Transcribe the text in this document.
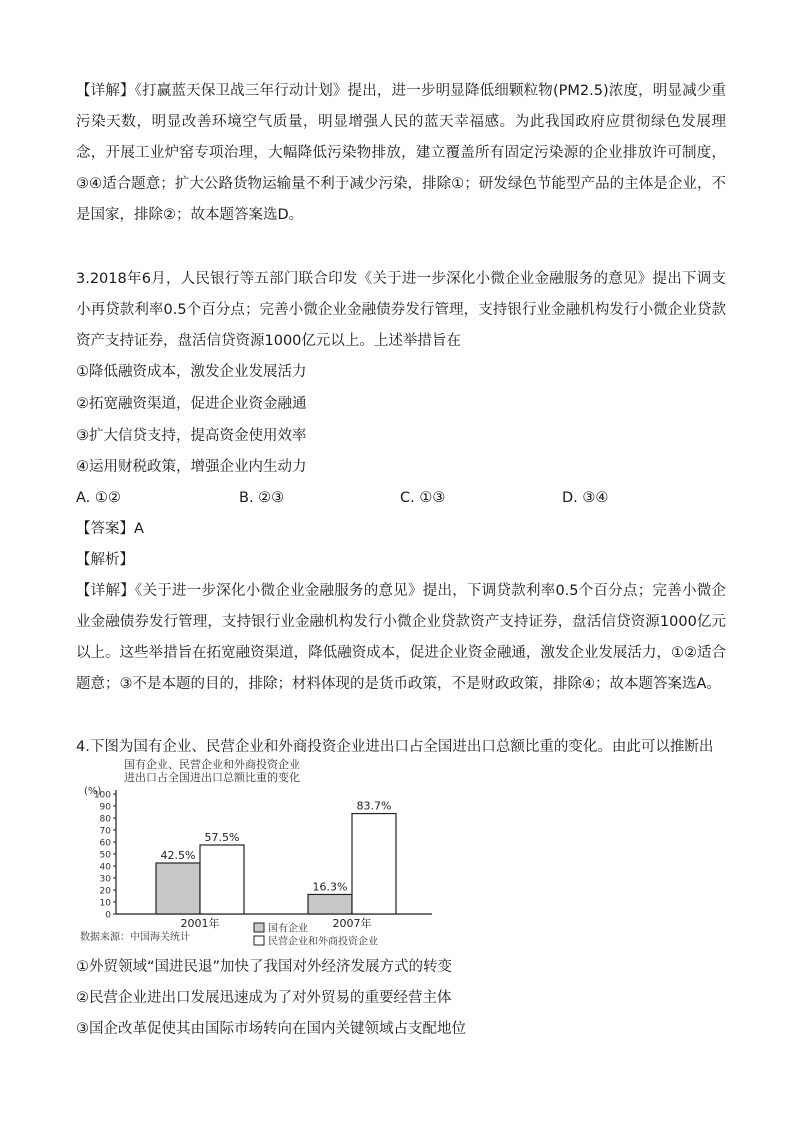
【详解】《打赢蓝天保卫战三年行动计划》提出，进一步明显降低细颗粒物(PM2.5)浓度，明显减少重污染天数，明显改善环境空气质量，明显增强人民的蓝天幸福感。为此我国政府应贯彻绿色发展理念，开展工业炉窑专项治理，大幅降低污染物排放，建立覆盖所有固定污染源的企业排放许可制度，③④适合题意；扩大公路货物运输量不利于减少污染，排除①；研发绿色节能型产品的主体是企业，不是国家，排除②；故本题答案选D。

3.2018年6月，人民银行等五部门联合印发《关于进一步深化小微企业金融服务的意见》提出下调支小再贷款利率0.5个百分点；完善小微企业金融债券发行管理，支持银行业金融机构发行小微企业贷款资产支持证券，盘活信贷资源1000亿元以上。上述举措旨在

①降低融资成本，激发企业发展活力

②拓宽融资渠道，促进企业资金融通

③扩大信贷支持，提高资金使用效率

④运用财税政策，增强企业内生动力

A. ①②	B. ②③	C. ①③	D. ③④

【答案】A

【解析】

【详解】《关于进一步深化小微企业金融服务的意见》提出，下调贷款利率0.5个百分点；完善小微企业金融债券发行管理，支持银行业金融机构发行小微企业贷款资产支持证券，盘活信贷资源1000亿元以上。这些举措旨在拓宽融资渠道，降低融资成本，促进企业资金融通，激发企业发展活力，①②适合题意；③不是本题的目的，排除；材料体现的是货币政策，不是财政政策，排除④；故本题答案选A。

4.下图为国有企业、民营企业和外商投资企业进出口占全国进出口总额比重的变化。由此可以推断出

国有企业、民营企业和外商投资企业
进出口占全国进出口总额比重的变化
(%)
0
10
20
30
40
50
60
70
80
90
100
42.5%
57.5%
2001年
16.3%
83.7%
2007年
数据来源：中国海关统计
国有企业
民营企业和外商投资企业

①外贸领域“国进民退”加快了我国对外经济发展方式的转变

②民营企业进出口发展迅速成为了对外贸易的重要经营主体

③国企改革促使其由国际市场转向在国内关键领域占支配地位
